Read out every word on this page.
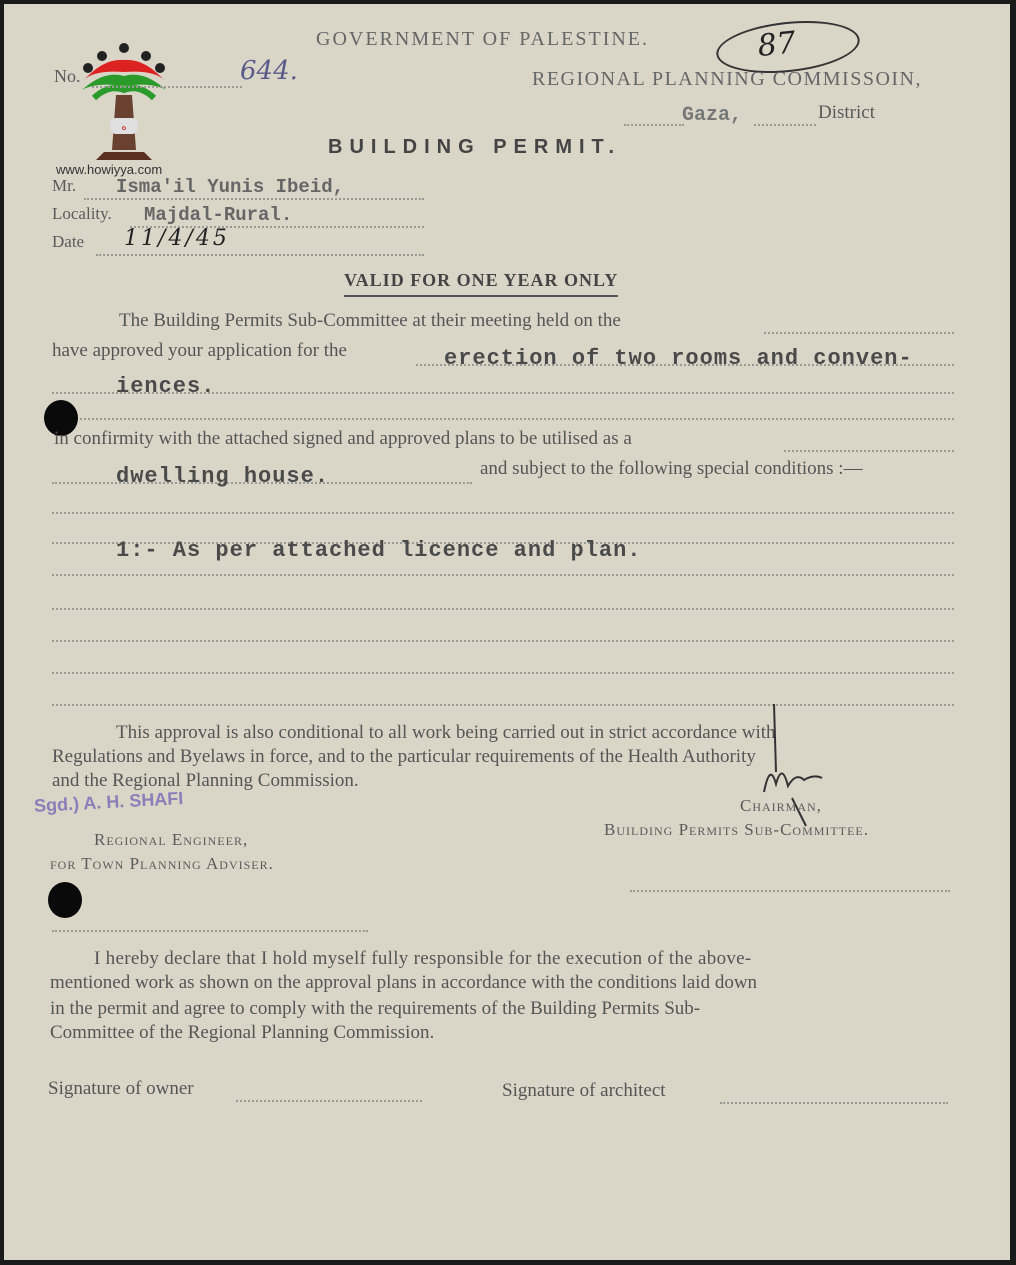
ه
www.howiyya.com
GOVERNMENT OF PALESTINE.	87
REGIONAL PLANNING COMMISSOIN,
Gaza,	District
No.	644.
BUILDING PERMIT.
Mr. Isma'il Yunis Ibeid,
Locality. Majdal-Rural.
Date 11/4/45
VALID FOR ONE YEAR ONLY
The Building Permits Sub-Committee at their meeting held on the
have approved your application for the	erection of two rooms and conven-
iences.
in confirmity with the attached signed and approved plans to be utilised as a
dwelling house.	and subject to the following special conditions :—
1:- As per attached licence and plan.
This approval is also conditional to all work being carried out in strict accordance with
Regulations and Byelaws in force, and to the particular requirements of the Health Authority
and the Regional Planning Commission.
Sgd.) A. H. SHAFI
Regional Engineer,
for Town Planning Adviser.
Chairman,
Building Permits Sub-Committee.
I hereby declare that I hold myself fully responsible for the execution of the above-
mentioned work as shown on the approval plans in accordance with the conditions laid down
in the permit and agree to comply with the requirements of the Building Permits Sub-
Committee of the Regional Planning Commission.
Signature of owner	Signature of architect
